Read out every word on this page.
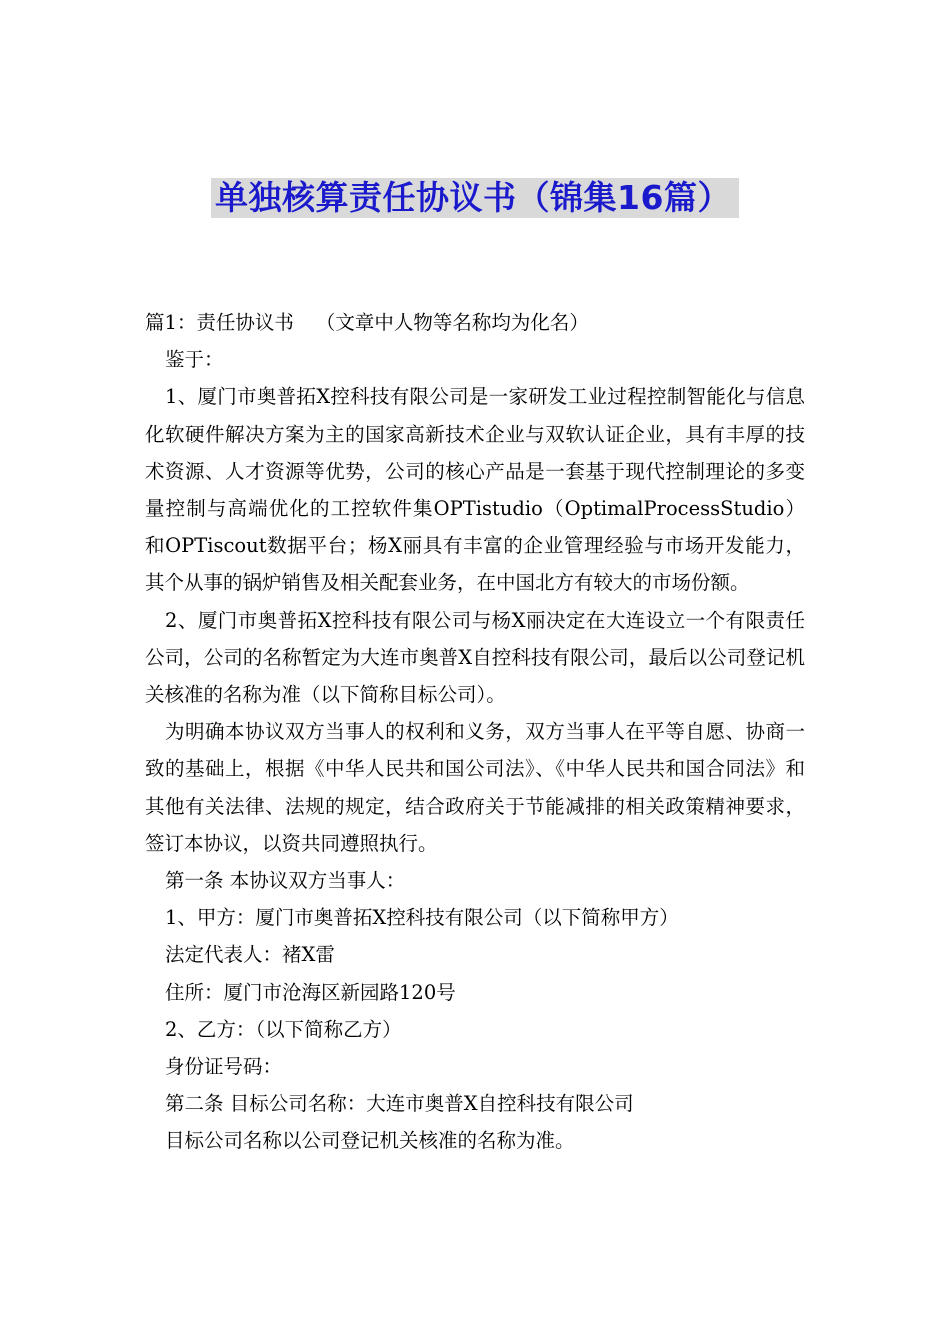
单独核算责任协议书（锦集16篇）

篇1：责任协议书 （文章中人物等名称均为化名）

鉴于：

1、厦门市奥普拓X控科技有限公司是一家研发工业过程控制智能化与信息化软硬件解决方案为主的国家高新技术企业与双软认证企业，具有丰厚的技术资源、人才资源等优势，公司的核心产品是一套基于现代控制理论的多变量控制与高端优化的工控软件集OPTistudio（OptimalProcessStudio）和OPTiscout数据平台；杨X丽具有丰富的企业管理经验与市场开发能力，其个从事的锅炉销售及相关配套业务，在中国北方有较大的市场份额。

2、厦门市奥普拓X控科技有限公司与杨X丽决定在大连设立一个有限责任公司，公司的名称暂定为大连市奥普X自控科技有限公司，最后以公司登记机关核准的名称为准（以下简称目标公司）。

为明确本协议双方当事人的权利和义务，双方当事人在平等自愿、协商一致的基础上，根据《中华人民共和国公司法》、《中华人民共和国合同法》和其他有关法律、法规的规定，结合政府关于节能减排的相关政策精神要求，签订本协议，以资共同遵照执行。

第一条 本协议双方当事人：

1、甲方：厦门市奥普拓X控科技有限公司（以下简称甲方）

法定代表人：褚X雷

住所：厦门市沧海区新园路120号

2、乙方：（以下简称乙方）

身份证号码：

第二条 目标公司名称：大连市奥普X自控科技有限公司

目标公司名称以公司登记机关核准的名称为准。
